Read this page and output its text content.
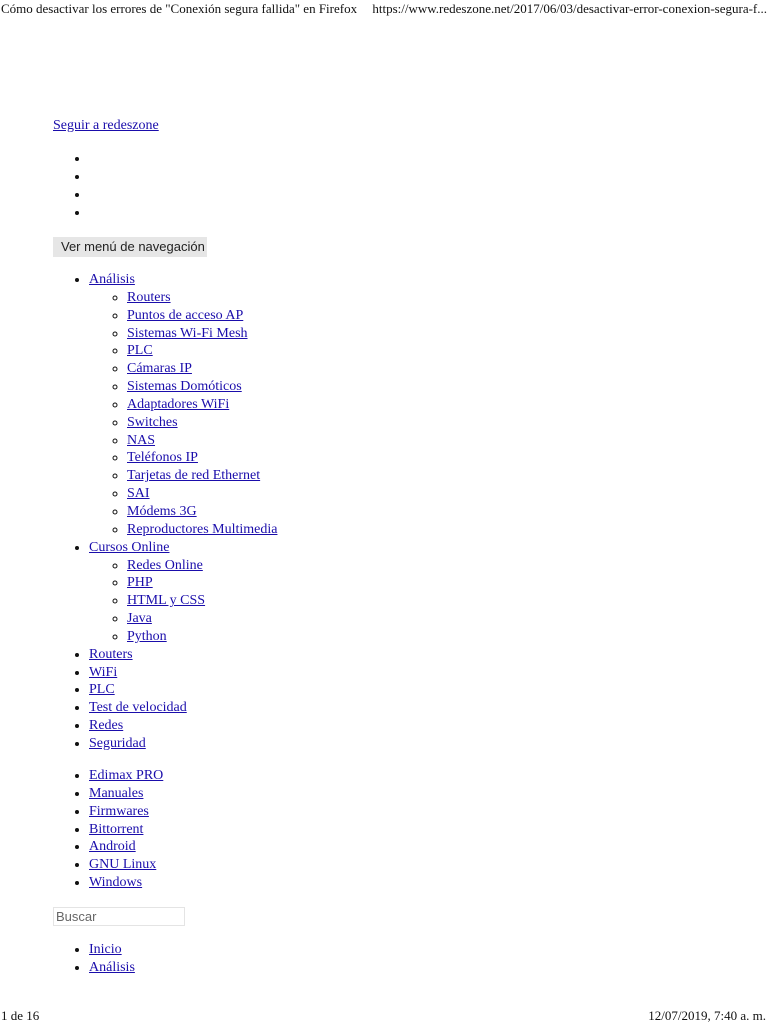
Cómo desactivar los errores de "Conexión segura fallida" en Firefox https://www.redeszone.net/2017/06/03/desactivar-error-conexion-segura-f...
Seguir a redeszone
Ver menú de navegación
• Análisis
◦ Routers
◦ Puntos de acceso AP
◦ Sistemas Wi-Fi Mesh
◦ PLC
◦ Cámaras IP
◦ Sistemas Domóticos
◦ Adaptadores WiFi
◦ Switches
◦ NAS
◦ Teléfonos IP
◦ Tarjetas de red Ethernet
◦ SAI
◦ Módems 3G
◦ Reproductores Multimedia
• Cursos Online
◦ Redes Online
◦ PHP
◦ HTML y CSS
◦ Java
◦ Python
• Routers
• WiFi
• PLC
• Test de velocidad
• Redes
• Seguridad
• Edimax PRO
• Manuales
• Firmwares
• Bittorrent
• Android
• GNU Linux
• Windows
Buscar
• Inicio
• Análisis
1 de 16	12/07/2019, 7:40 a. m.
